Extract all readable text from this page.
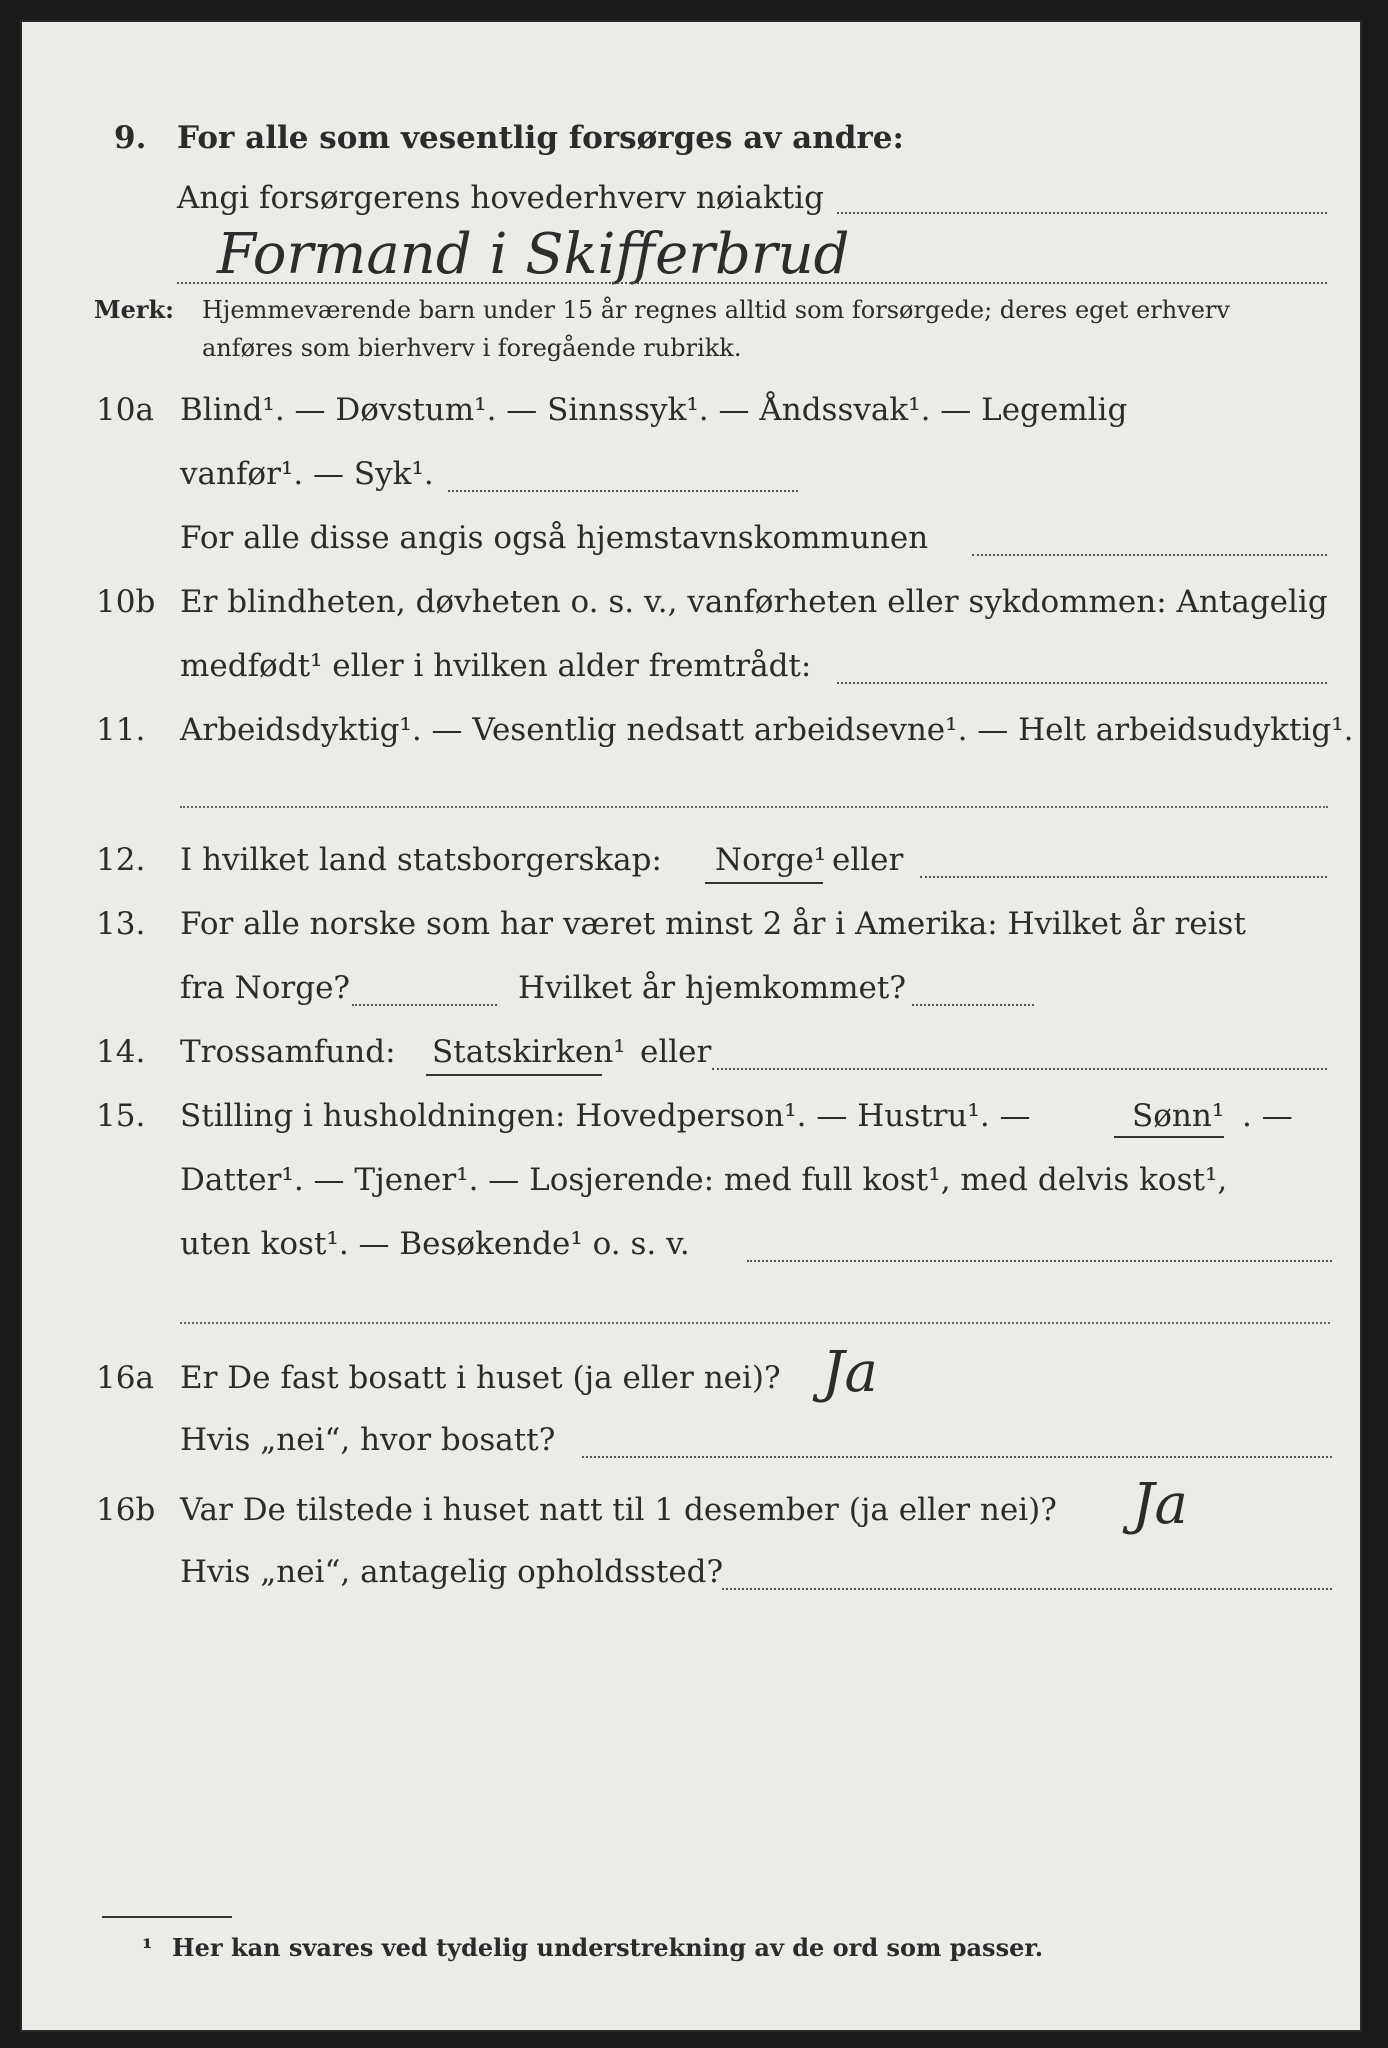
9. For alle som vesentlig forsørges av andre:
Angi forsørgerens hovederhverv nøiaktig
Formand i Skifferbrud
Merk: Hjemmeværende barn under 15 år regnes alltid som forsørgede; deres eget erhverv
anføres som bierhverv i foregående rubrikk.
10a Blind¹. — Døvstum¹. — Sinnssyk¹. — Åndssvak¹. — Legemlig
vanfør¹. — Syk¹.
For alle disse angis også hjemstavnskommunen
10b Er blindheten, døvheten o. s. v., vanførheten eller sykdommen: Antagelig
medfødt¹ eller i hvilken alder fremtrådt:
11. Arbeidsdyktig¹. — Vesentlig nedsatt arbeidsevne¹. — Helt arbeidsudyktig¹.
12. I hvilket land statsborgerskap: Norge¹ eller
13. For alle norske som har været minst 2 år i Amerika: Hvilket år reist
fra Norge?	Hvilket år hjemkommet?
14. Trossamfund: Statskirken¹ eller
15. Stilling i husholdningen: Hovedperson¹. — Hustru¹. —	Sønn¹ . —
Datter¹. — Tjener¹. — Losjerende: med full kost¹, med delvis kost¹,
uten kost¹. — Besøkende¹ o. s. v.
16a Er De fast bosatt i huset (ja eller nei)? Ja
Hvis „nei“, hvor bosatt?
16b Var De tilstede i huset natt til 1 desember (ja eller nei)? Ja
Hvis „nei“, antagelig opholdssted?
¹ Her kan svares ved tydelig understrekning av de ord som passer.
